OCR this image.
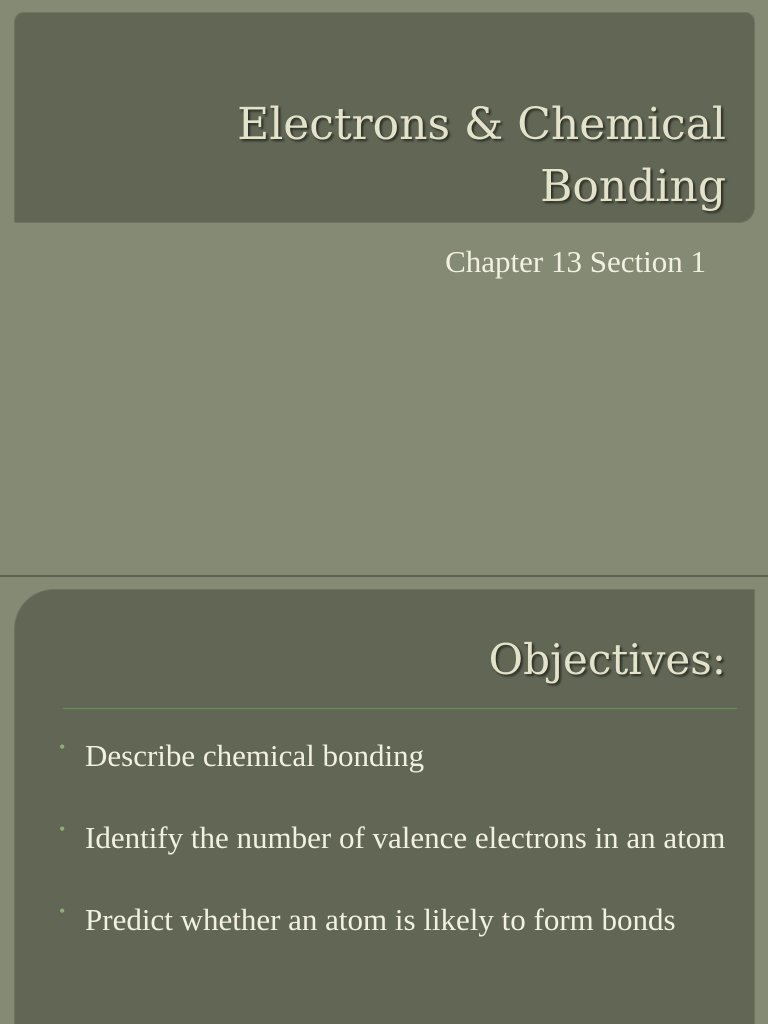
Electrons & Chemical Bonding

Chapter 13 Section 1

• Describe chemical bonding
• Identify the number of valence electrons in an atom
• Predict whether an atom is likely to form bonds
Objectives:
